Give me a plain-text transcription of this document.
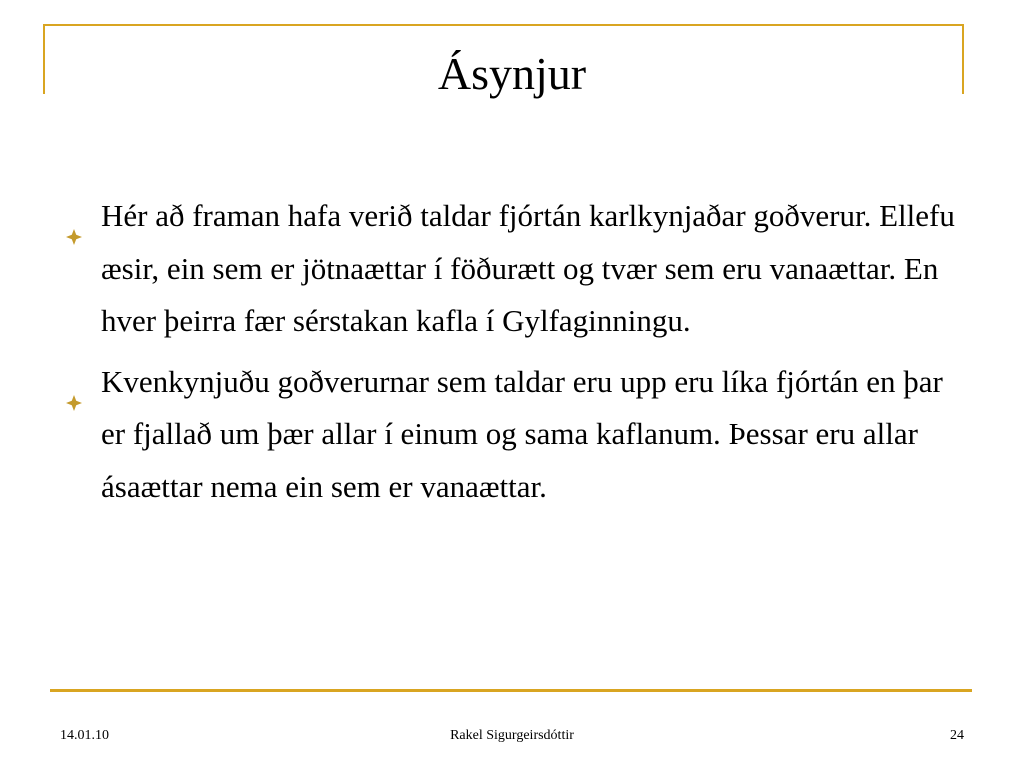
Ásynjur
Hér að framan hafa verið taldar fjórtán karlkynjaðar goðverur. Ellefu æsir, ein sem er jötnaættar í föðurætt og tvær sem eru vanaættar. En hver þeirra fær sérstakan kafla í Gylfaginningu.
Kvenkynjuðu goðverurnar sem taldar eru upp eru líka fjórtán en þar er fjallað um þær allar í einum og sama kaflanum. Þessar eru allar ásaættar nema ein sem er vanaættar.
14.01.10	Rakel Sigurgeirsdóttir	24
